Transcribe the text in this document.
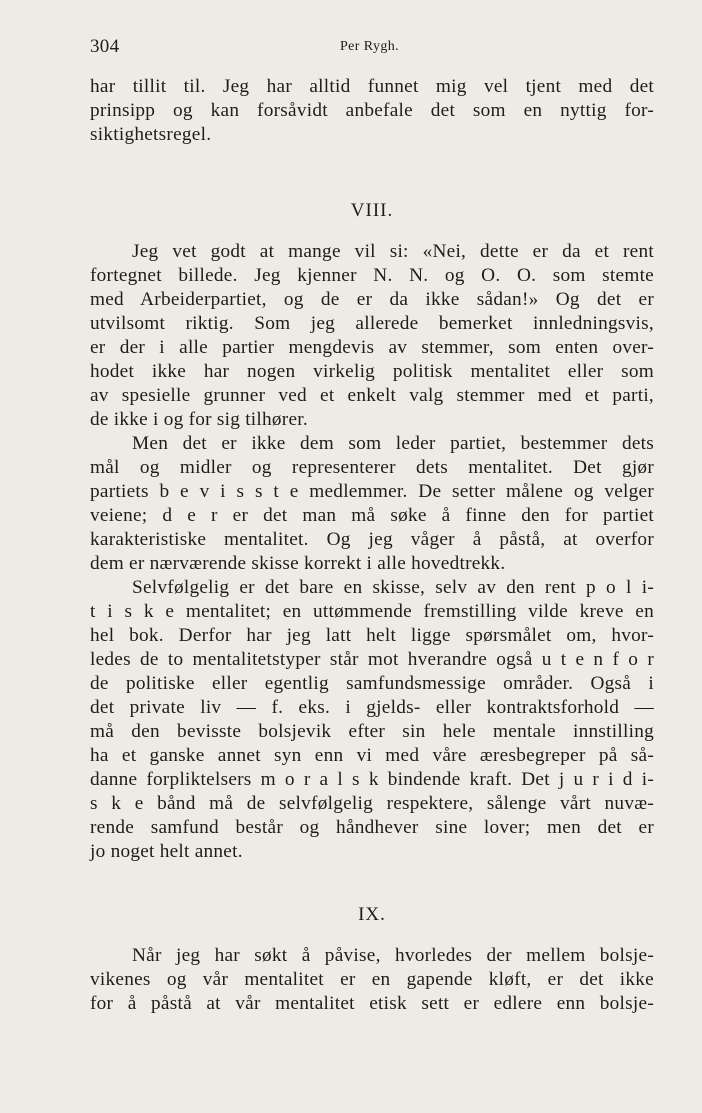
304	Per Rygh.
har tillit til. Jeg har alltid funnet mig vel tjent med det
prinsipp og kan forsåvidt anbefale det som en nyttig for-
siktighetsregel.
VIII.
Jeg vet godt at mange vil si: «Nei, dette er da et rent
fortegnet billede. Jeg kjenner N. N. og O. O. som stemte
med Arbeiderpartiet, og de er da ikke sådan!» Og det er
utvilsomt riktig. Som jeg allerede bemerket innledningsvis,
er der i alle partier mengdevis av stemmer, som enten over-
hodet ikke har nogen virkelig politisk mentalitet eller som
av spesielle grunner ved et enkelt valg stemmer med et parti,
de ikke i og for sig tilhører.
Men det er ikke dem som leder partiet, bestemmer dets
mål og midler og representerer dets mentalitet. Det gjør
partiets b e v i s s t e medlemmer. De setter målene og velger
veiene; d e r er det man må søke å finne den for partiet
karakteristiske mentalitet. Og jeg våger å påstå, at overfor
dem er nærværende skisse korrekt i alle hovedtrekk.
Selvfølgelig er det bare en skisse, selv av den rent p o l i-
t i s k e mentalitet; en uttømmende fremstilling vilde kreve en
hel bok. Derfor har jeg latt helt ligge spørsmålet om, hvor-
ledes de to mentalitetstyper står mot hverandre også u t e n f o r
de politiske eller egentlig samfundsmessige områder. Også i
det private liv — f. eks. i gjelds- eller kontraktsforhold —
må den bevisste bolsjevik efter sin hele mentale innstilling
ha et ganske annet syn enn vi med våre æresbegreper på så-
danne forpliktelsers m o r a l s k bindende kraft. Det j u r i d i-
s k e bånd må de selvfølgelig respektere, sålenge vårt nuvæ-
rende samfund består og håndhever sine lover; men det er
jo noget helt annet.
IX.
Når jeg har søkt å påvise, hvorledes der mellem bolsje-
vikenes og vår mentalitet er en gapende kløft, er det ikke
for å påstå at vår mentalitet etisk sett er edlere enn bolsje-
